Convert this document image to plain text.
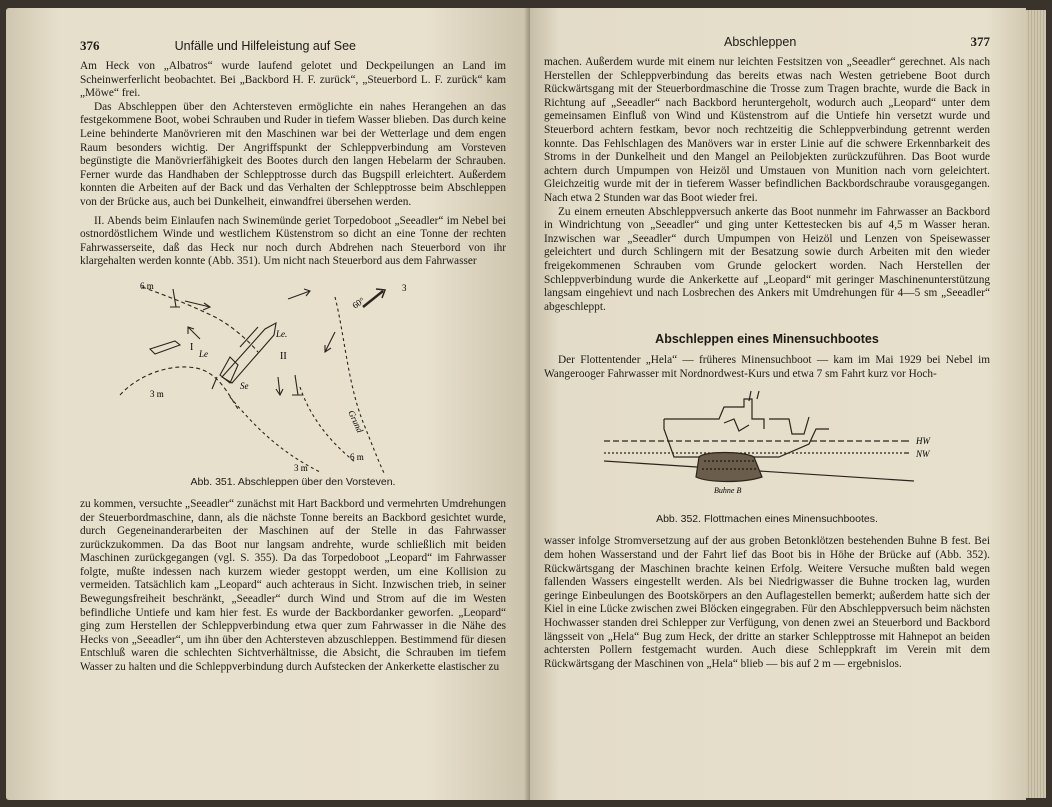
376	Unfälle und Hilfeleistung auf See

Am Heck von „Albatros“ wurde laufend gelotet und Deckpeilungen an Land im Scheinwerferlicht beobachtet. Bei „Backbord H. F. zurück“, „Steuerbord L. F. zurück“ kam „Möwe“ frei.

Das Abschleppen über den Achtersteven ermöglichte ein nahes Herangehen an das festgekommene Boot, wobei Schrauben und Ruder in tiefem Wasser blieben. Das durch keine Leine behinderte Manövrieren mit den Maschinen war bei der Wetterlage und dem engen Raum besonders wichtig. Der Angriffspunkt der Schleppverbindung am Vorsteven begünstigte die Manövrierfähigkeit des Bootes durch den langen Hebelarm der Schrauben. Ferner wurde das Handhaben der Schlepptrosse durch das Bugspill erleichtert. Außerdem konnten die Arbeiten auf der Back und das Verhalten der Schlepptrosse beim Abschleppen von der Brücke aus, auch bei Dunkelheit, einwandfrei übersehen werden.

II. Abends beim Einlaufen nach Swinemünde geriet Torpedoboot „Seeadler“ im Nebel bei ostnordöstlichem Winde und westlichem Küstenstrom so dicht an eine Tonne der rechten Fahrwasserseite, daß das Heck nur noch durch Abdrehen nach Steuerbord von ihr klargehalten werden konnte (Abb. 351). Um nicht nach Steuerbord aus dem Fahrwasser

6 m
3 m
3 m
6 m
3
60°
I
II
Le
Se
Le.
Grund
Abb. 351. Abschleppen über den Vorsteven.

zu kommen, versuchte „Seeadler“ zunächst mit Hart Backbord und vermehrten Umdrehungen der Steuerbordmaschine, dann, als die nächste Tonne bereits an Backbord gesichtet wurde, durch Gegeneinanderarbeiten der Maschinen auf der Stelle in das Fahrwasser zurückzukommen. Da das Boot nur langsam andrehte, wurde schließlich mit beiden Maschinen zurückgegangen (vgl. S. 355). Da das Torpedoboot „Leopard“ im Fahrwasser folgte, mußte indessen nach kurzem wieder gestoppt werden, um eine Kollision zu vermeiden. Tatsächlich kam „Leopard“ auch achteraus in Sicht. Inzwischen trieb, in seiner Bewegungsfreiheit beschränkt, „Seeadler“ durch Wind und Strom auf die im Westen befindliche Untiefe und kam hier fest. Es wurde der Backbordanker geworfen. „Leopard“ ging zum Herstellen der Schleppverbindung etwa quer zum Fahrwasser in die Nähe des Hecks von „Seeadler“, um ihn über den Achtersteven abzuschleppen. Bestimmend für diesen Entschluß waren die schlechten Sichtverhältnisse, die Absicht, die Schrauben im tiefem Wasser zu halten und die Schleppverbindung durch Aufstecken der Ankerkette elastischer zu

Abschleppen	377

machen. Außerdem wurde mit einem nur leichten Festsitzen von „Seeadler“ gerechnet. Als nach Herstellen der Schleppverbindung das bereits etwas nach Westen getriebene Boot durch Rückwärtsgang mit der Steuerbordmaschine die Trosse zum Tragen brachte, wurde die Back in Richtung auf „Seeadler“ nach Backbord heruntergeholt, wodurch auch „Leopard“ unter dem gemeinsamen Einfluß von Wind und Küstenstrom auf die Untiefe hin versetzt wurde und Steuerbord achtern festkam, bevor noch rechtzeitig die Schleppverbindung getrennt werden konnte. Das Fehlschlagen des Manövers war in erster Linie auf die schwere Erkennbarkeit des Stroms in der Dunkelheit und den Mangel an Peilobjekten zurückzuführen. Das Boot wurde achtern durch Umpumpen von Heizöl und Umstauen von Munition nach vorn geleichtert. Gleichzeitig wurde mit der in tieferem Wasser befindlichen Backbordschraube vorausgegangen. Nach etwa 2 Stunden war das Boot wieder frei.

Zu einem erneuten Abschleppversuch ankerte das Boot nunmehr im Fahrwasser an Backbord in Windrichtung von „Seeadler“ und ging unter Kettestecken bis auf 4,5 m Wasser heran. Inzwischen war „Seeadler“ durch Umpumpen von Heizöl und Lenzen von Speisewasser geleichtert und durch Schlingern mit der Besatzung sowie durch Arbeiten mit den wieder freigekommenen Schrauben vom Grunde gelockert worden. Nach Herstellen der Schleppverbindung wurde die Ankerkette auf „Leopard“ mit geringer Maschinenunterstützung langsam eingehievt und nach Losbrechen des Ankers mit Umdrehungen für 4—5 sm „Seeadler“ abgeschleppt.

Abschleppen eines Minensuchbootes

Der Flottentender „Hela“ — früheres Minensuchboot — kam im Mai 1929 bei Nebel im Wangerooger Fahrwasser mit Nordnordwest-Kurs und etwa 7 sm Fahrt kurz vor Hoch-

HW
NW
Buhne B
Abb. 352. Flottmachen eines Minensuchbootes.

wasser infolge Stromversetzung auf der aus groben Betonklötzen bestehenden Buhne B fest. Bei dem hohen Wasserstand und der Fahrt lief das Boot bis in Höhe der Brücke auf (Abb. 352). Rückwärtsgang der Maschinen brachte keinen Erfolg. Weitere Versuche mußten bald wegen fallenden Wassers eingestellt werden. Als bei Niedrigwasser die Buhne trocken lag, wurden geringe Einbeulungen des Bootskörpers an den Auflagestellen bemerkt; außerdem hatte sich der Kiel in eine Lücke zwischen zwei Blöcken eingegraben. Für den Abschleppversuch beim nächsten Hochwasser standen drei Schlepper zur Verfügung, von denen zwei an Steuerbord und Backbord längsseit von „Hela“ Bug zum Heck, der dritte an starker Schlepptrosse mit Hahnepot an beiden achtersten Pollern festgemacht wurden. Auch diese Schleppkraft im Verein mit dem Rückwärtsgang der Maschinen von „Hela“ blieb — bis auf 2 m — ergebnislos.
